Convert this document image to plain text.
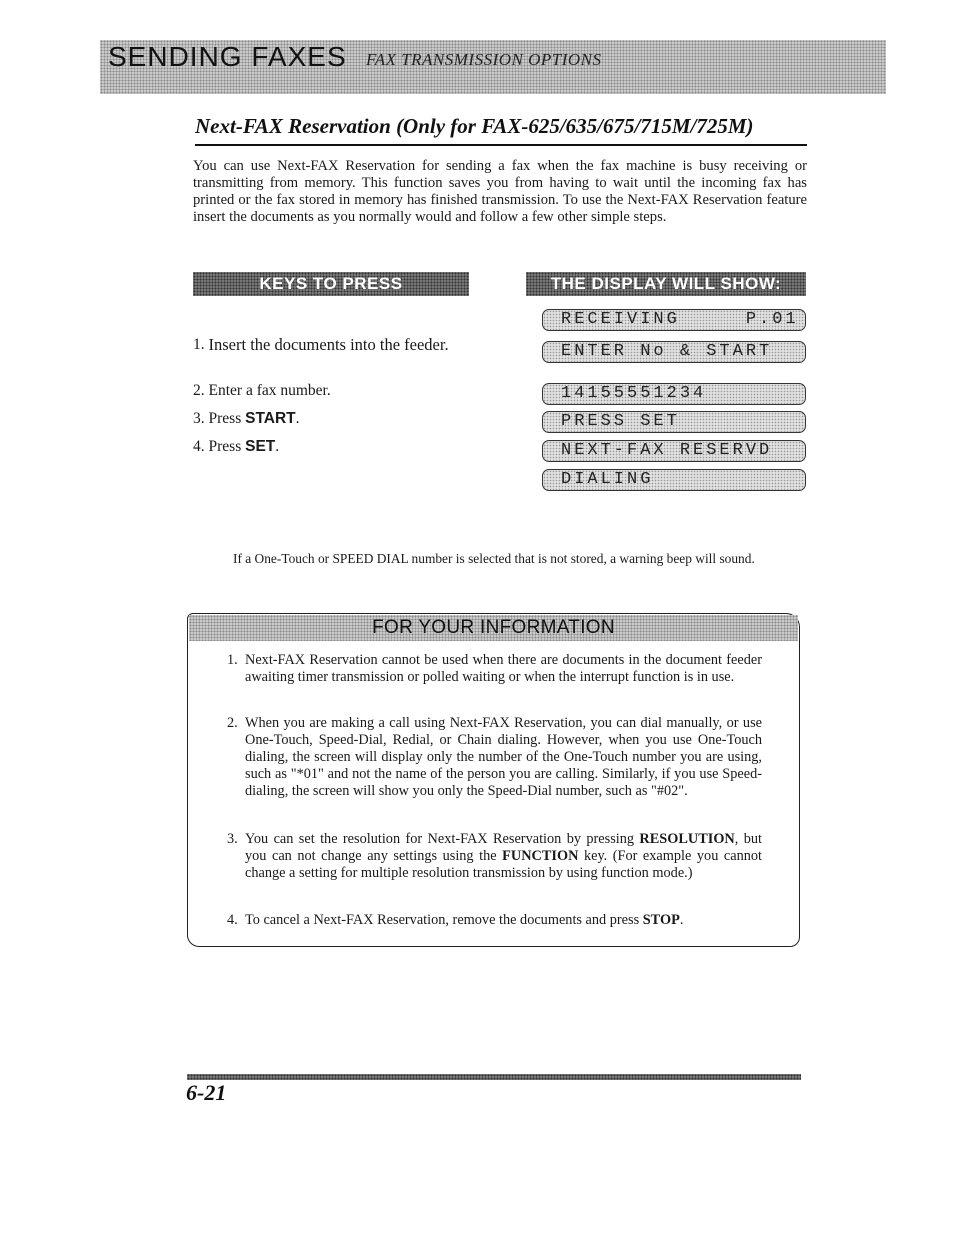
SENDING FAXES FAX TRANSMISSION OPTIONS
Next-FAX Reservation (Only for FAX-625/635/675/715M/725M)

You can use Next-FAX Reservation for sending a fax when the fax machine is busy receiving or transmitting from memory. This function saves you from having to wait until the incoming fax has printed or the fax stored in memory has finished transmission. To use the Next-FAX Reservation feature insert the documents as you normally would and follow a few other simple steps.

KEYS TO PRESS	THE DISPLAY WILL SHOW:
1. Insert the documents into the feeder.
2. Enter a fax number.
3. Press START.
4. Press SET.
RECEIVING     P.01
ENTER No & START
14155551234
PRESS SET
NEXT-FAX RESERVD
DIALING

If a One-Touch or SPEED DIAL number is selected that is not stored, a warning beep will sound.

FOR YOUR INFORMATION
1. Next-FAX Reservation cannot be used when there are documents in the document feeder awaiting timer transmission or polled waiting or when the interrupt function is in use.
2. When you are making a call using Next-FAX Reservation, you can dial manually, or use One-Touch, Speed-Dial, Redial, or Chain dialing. However, when you use One-Touch dialing, the screen will display only the number of the One-Touch number you are using, such as "*01" and not the name of the person you are calling. Similarly, if you use Speed- dialing, the screen will show you only the Speed-Dial number, such as "#02".
3. You can set the resolution for Next-FAX Reservation by pressing RESOLUTION, but you can not change any settings using the FUNCTION key. (For example you cannot change a setting for multiple resolution transmission by using function mode.)
4. To cancel a Next-FAX Reservation, remove the documents and press STOP.
6-21
